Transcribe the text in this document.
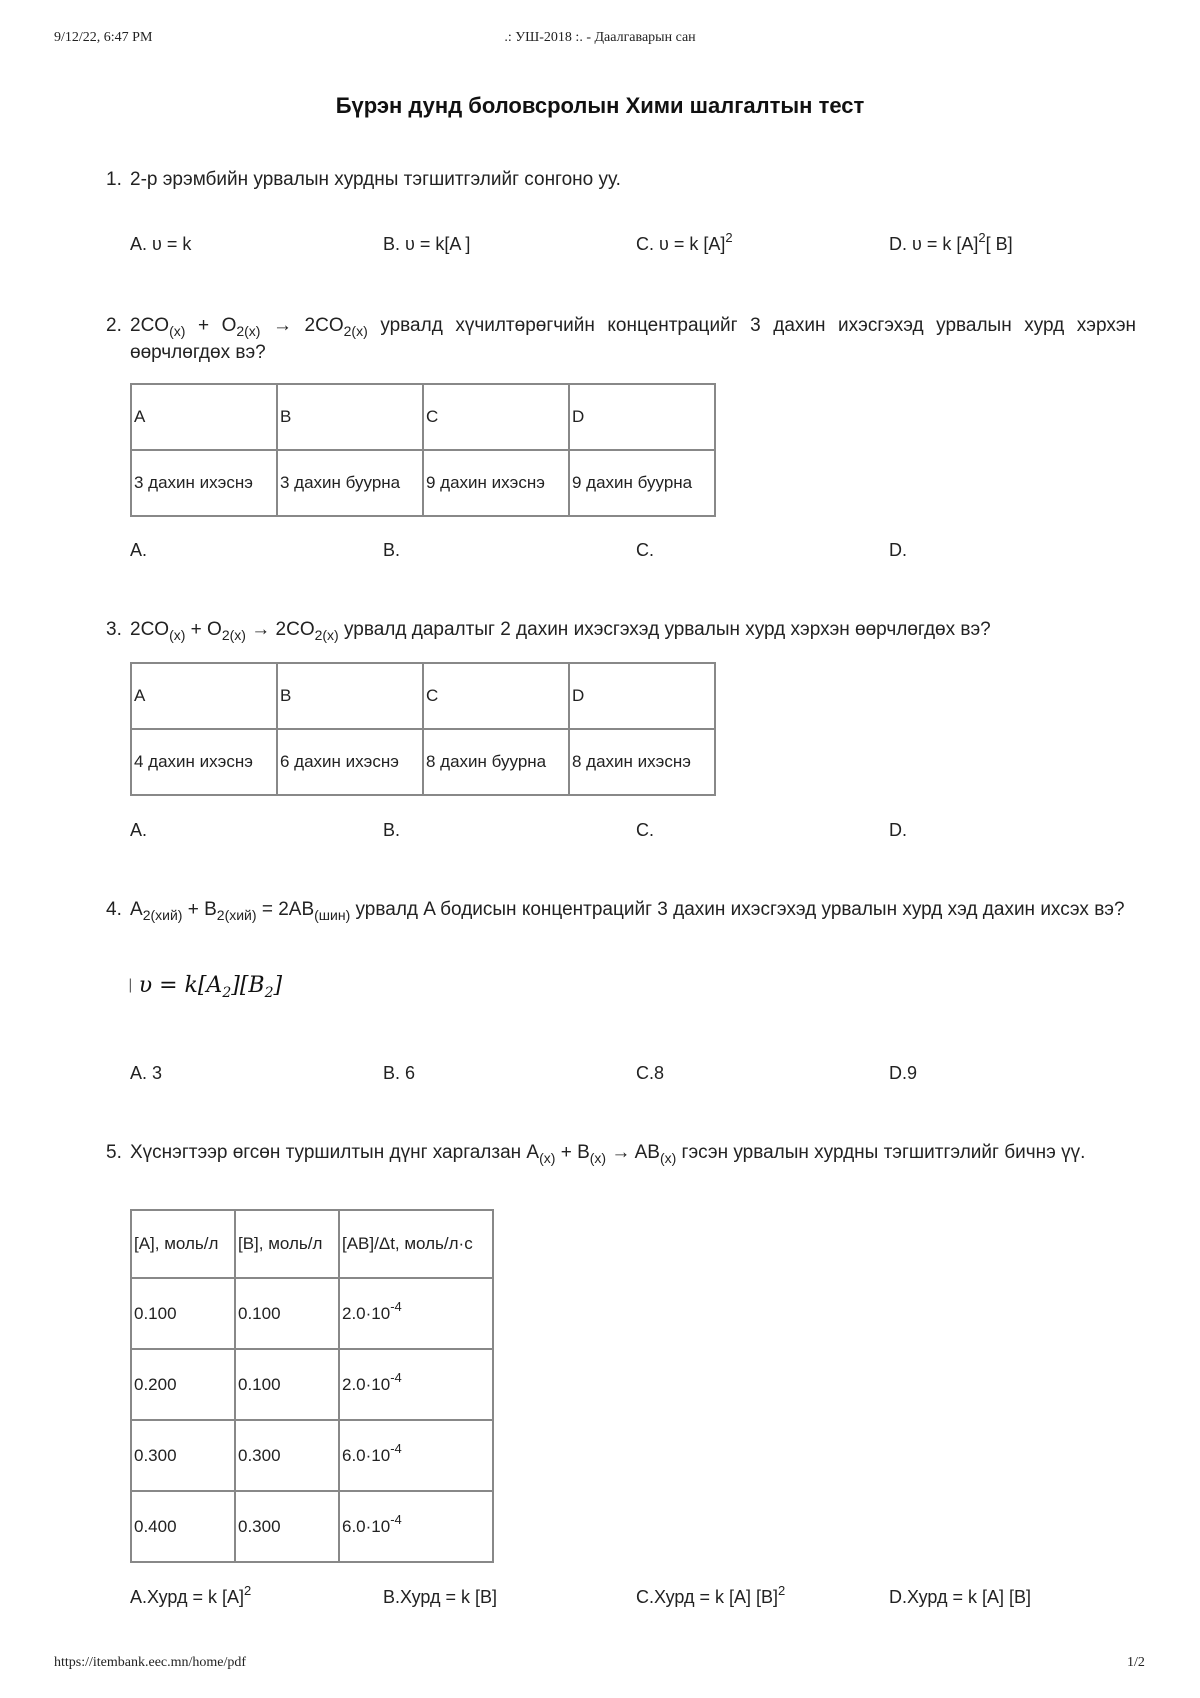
9/12/22, 6:47 PM	.: УШ-2018 :. - Даалгаварын сан
Бүрэн дунд боловсролын Хими шалгалтын тест
1. 2-р эрэмбийн урвалын хурдны тэгшитгэлийг сонгоно уу.
A. υ = k	B. υ = k[A ]	C. υ = k $[A]^2$	D. υ = k $[A]^2$[ B]
2. $2CO_{(х)} + O_{2(х)} \to 2CO_{2(х)}$ урвалд хүчилтөрөгчийн концентрацийг 3 дахин ихэсгэхэд урвалын хурд хэрхэн өөрчлөгдөх вэ?
A	B	C	D
3 дахин ихэснэ	3 дахин буурна	9 дахин ихэснэ	9 дахин буурна
A.	B.	C.	D.
3. $2CO_{(х)} + O_{2(х)} \to 2CO_{2(х)}$ урвалд даралтыг 2 дахин ихэсгэхэд урвалын хурд хэрхэн өөрчлөгдөх вэ?
A	B	C	D
4 дахин ихэснэ	6 дахин ихэснэ	8 дахин буурна	8 дахин ихэснэ
A.	B.	C.	D.
4. $A_{2(хий)} + B_{2(хий)} = 2AB_{(шин)}$ урвалд A бодисын концентрацийг 3 дахин ихэсгэхэд урвалын хурд хэд дахин ихсэх вэ?
| $\upsilon = k[A_2][B_2]$
A. 3	B. 6	C.8	D.9
5. Хүснэгтээр өгсөн туршилтын дүнг харгалзан $A_{(х)} + B_{(х)} \to AB_{(х)}$ гэсэн урвалын хурдны тэгшитгэлийг бичнэ үү.
[A], моль/л	[B], моль/л	[AB]/Δt, моль/л·с
0.100	0.100	$2.0\cdot 10^{-4}$
0.200	0.100	$2.0\cdot 10^{-4}$
0.300	0.300	$6.0\cdot 10^{-4}$
0.400	0.300	$6.0\cdot 10^{-4}$
A.Хурд = k $[A]^2$	B.Хурд = k [B]	C.Хурд = k [A] $[B]^2$	D.Хурд = k [A] [B]
https://itembank.eec.mn/home/pdf	1/2
